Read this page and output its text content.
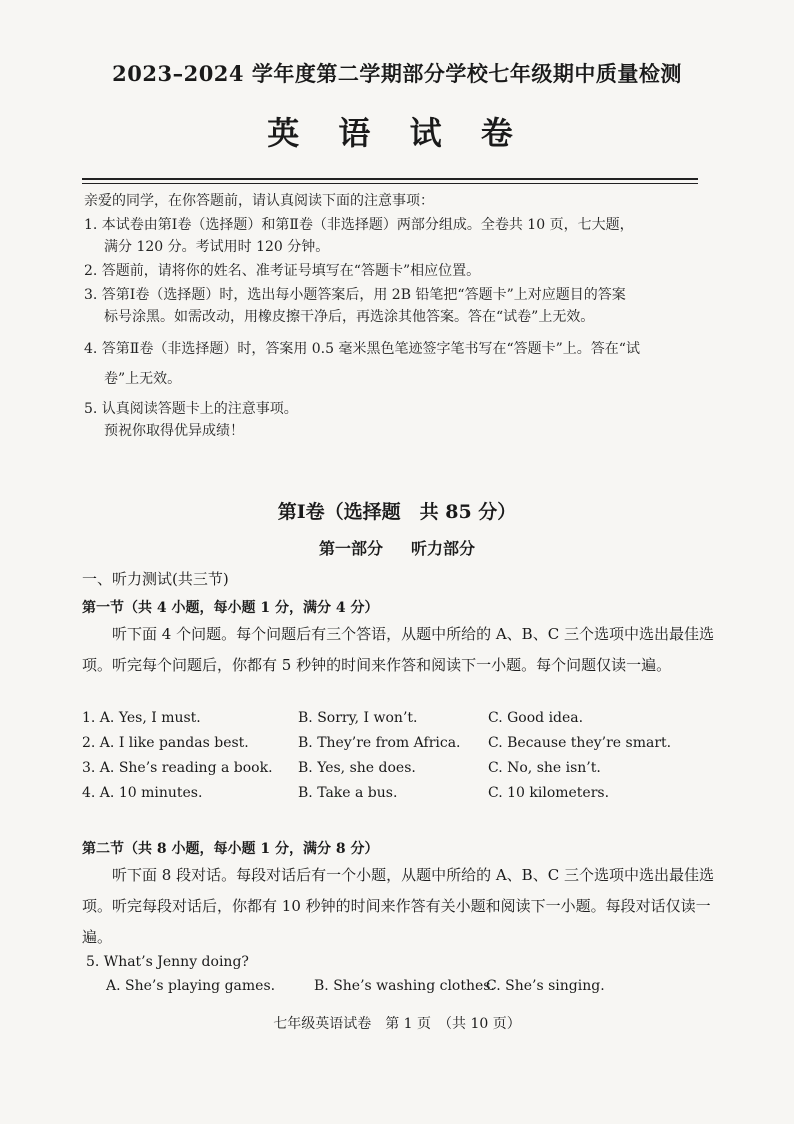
2023–2024 学年度第二学期部分学校七年级期中质量检测
英 语 试 卷

亲爱的同学，在你答题前，请认真阅读下面的注意事项：

1. 本试卷由第Ⅰ卷（选择题）和第Ⅱ卷（非选择题）两部分组成。全卷共 10 页，七大题，

满分 120 分。考试用时 120 分钟。

2. 答题前，请将你的姓名、准考证号填写在“答题卡”相应位置。

3. 答第Ⅰ卷（选择题）时，选出每小题答案后，用 2B 铅笔把“答题卡”上对应题目的答案

标号涂黑。如需改动，用橡皮擦干净后，再选涂其他答案。答在“试卷”上无效。

4. 答第Ⅱ卷（非选择题）时，答案用 0.5 毫米黑色笔迹签字笔书写在“答题卡”上。答在“试

卷”上无效。

5. 认真阅读答题卡上的注意事项。

预祝你取得优异成绩！

第Ⅰ卷（选择题　共 85 分）
第一部分 听力部分
一、听力测试(共三节)
第一节（共 4 小题，每小题 1 分，满分 4 分）
听下面 4 个问题。每个问题后有三个答语，从题中所给的 A、B、C 三个选项中选出最佳选项。听完每个问题后，你都有 5 秒钟的时间来作答和阅读下一小题。每个问题仅读一遍。
1. A. Yes, I must.	B. Sorry, I won’t.	C. Good idea.
2. A. I like pandas best.	B. They’re from Africa. C. Because they’re smart.
3. A. She’s reading a book. B. Yes, she does.	C. No, she isn’t.
4. A. 10 minutes.	B. Take a bus.	C. 10 kilometers.
第二节（共 8 小题，每小题 1 分，满分 8 分）
听下面 8 段对话。每段对话后有一个小题，从题中所给的 A、B、C 三个选项中选出最佳选项。听完每段对话后，你都有 10 秒钟的时间来作答有关小题和阅读下一小题。每段对话仅读一遍。
5. What’s Jenny doing?
A. She’s playing games.	B. She’s washing clothes.
C. She’s singing.
七年级英语试卷　第 1 页　（共 10 页）
